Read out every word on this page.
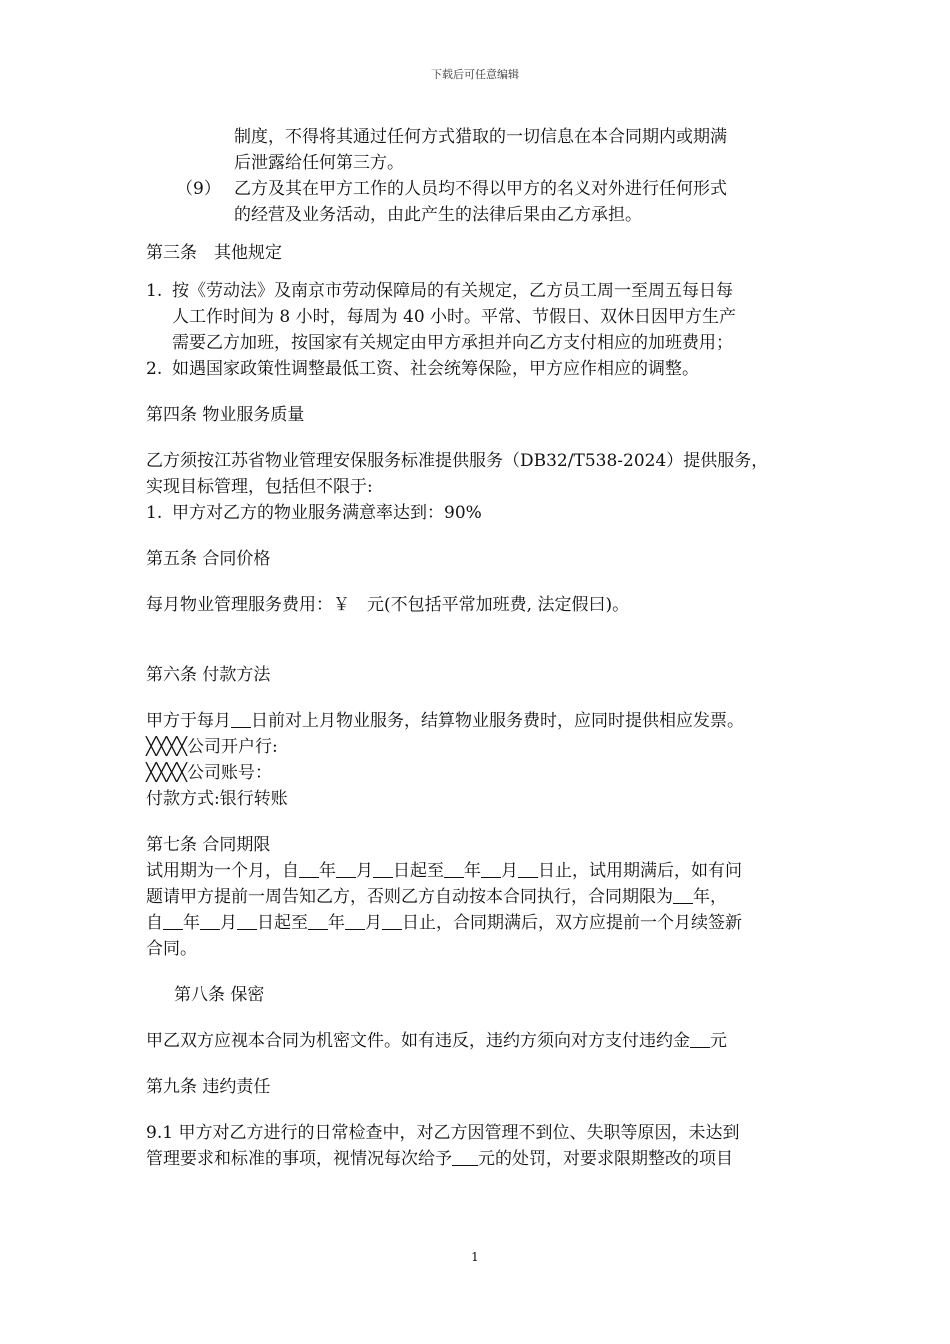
下载后可任意编辑
制度，不得将其通过任何方式猎取的一切信息在本合同期内或期满
后泄露给任何第三方。
（9） 乙方及其在甲方工作的人员均不得以甲方的名义对外进行任何形式
的经营及业务活动，由此产生的法律后果由乙方承担。
第三条　其他规定
1. 按《劳动法》及南京市劳动保障局的有关规定，乙方员工周一至周五每日每
人工作时间为 8 小时，每周为 40 小时。平常、节假日、双休日因甲方生产
需要乙方加班，按国家有关规定由甲方承担并向乙方支付相应的加班费用；
2. 如遇国家政策性调整最低工资、社会统筹保险，甲方应作相应的调整。
第四条 物业服务质量
乙方须按江苏省物业管理安保服务标准提供服务（DB32/T538-2024）提供服务，
实现目标管理，包括但不限于:
1. 甲方对乙方的物业服务满意率达到：90%
第五条 合同价格
每月物业管理服务费用：￥　元(不包括平常加班费, 法定假曰)。
第六条 付款方法
甲方于每月 日前对上月物业服务，结算物业服务费时，应同时提供相应发票。
╳╳╳╳公司开户行:
╳╳╳╳公司账号：
付款方式:银行转账
第七条 合同期限
试用期为一个月，自 年 月 日起至 年 月 日止，试用期满后，如有问
题请甲方提前一周告知乙方，否则乙方自动按本合同执行，合同期限为 年，
自 年 月 日起至 年 月 日止，合同期满后，双方应提前一个月续签新
合同。
第八条 保密
甲乙双方应视本合同为机密文件。如有违反，违约方须向对方支付违约金 元
第九条 违约责任
9.1 甲方对乙方进行的日常检查中，对乙方因管理不到位、失职等原因，未达到
管理要求和标准的事项，视情况每次给予 元的处罚，对要求限期整改的项目
1
